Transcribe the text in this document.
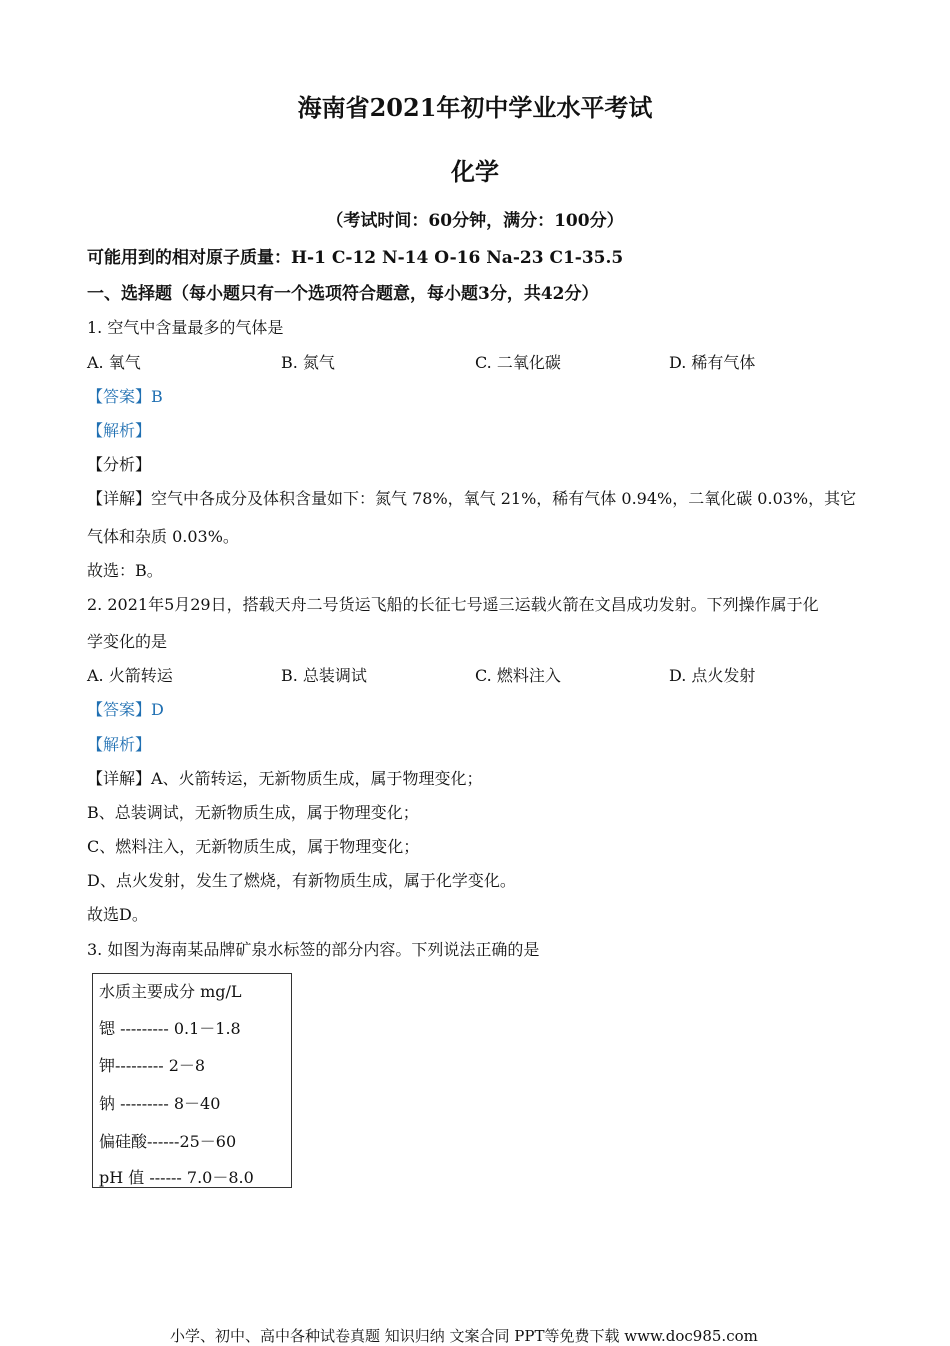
海南省2021年初中学业水平考试
化学
（考试时间：60分钟，满分：100分）
可能用到的相对原子质量：H-1 C-12 N-14 O-16 Na-23 C1-35.5
一、选择题（每小题只有一个选项符合题意，每小题3分，共42分）
1. 空气中含量最多的气体是
A. 氧气	B. 氮气	C. 二氧化碳	D. 稀有气体
【答案】B
【解析】
【分析】
【详解】空气中各成分及体积含量如下：氮气 78%，氧气 21%，稀有气体 0.94%，二氧化碳 0.03%，其它
气体和杂质 0.03%。
故选：B。
2. 2021年5月29日，搭载天舟二号货运飞船的长征七号遥三运载火箭在文昌成功发射。下列操作属于化
学变化的是
A. 火箭转运	B. 总装调试	C. 燃料注入	D. 点火发射
【答案】D
【解析】
【详解】A、火箭转运，无新物质生成，属于物理变化；
B、总装调试，无新物质生成，属于物理变化；
C、燃料注入，无新物质生成，属于物理变化；
D、点火发射，发生了燃烧，有新物质生成，属于化学变化。
故选D。
3. 如图为海南某品牌矿泉水标签的部分内容。下列说法正确的是
水质主要成分 mg/L
锶 --------- 0.1－1.8
钾--------- 2－8
钠 --------- 8－40
偏硅酸------25－60
pH 值 ------ 7.0－8.0
小学、初中、高中各种试卷真题 知识归纳 文案合同 PPT等免费下载 www.doc985.com
